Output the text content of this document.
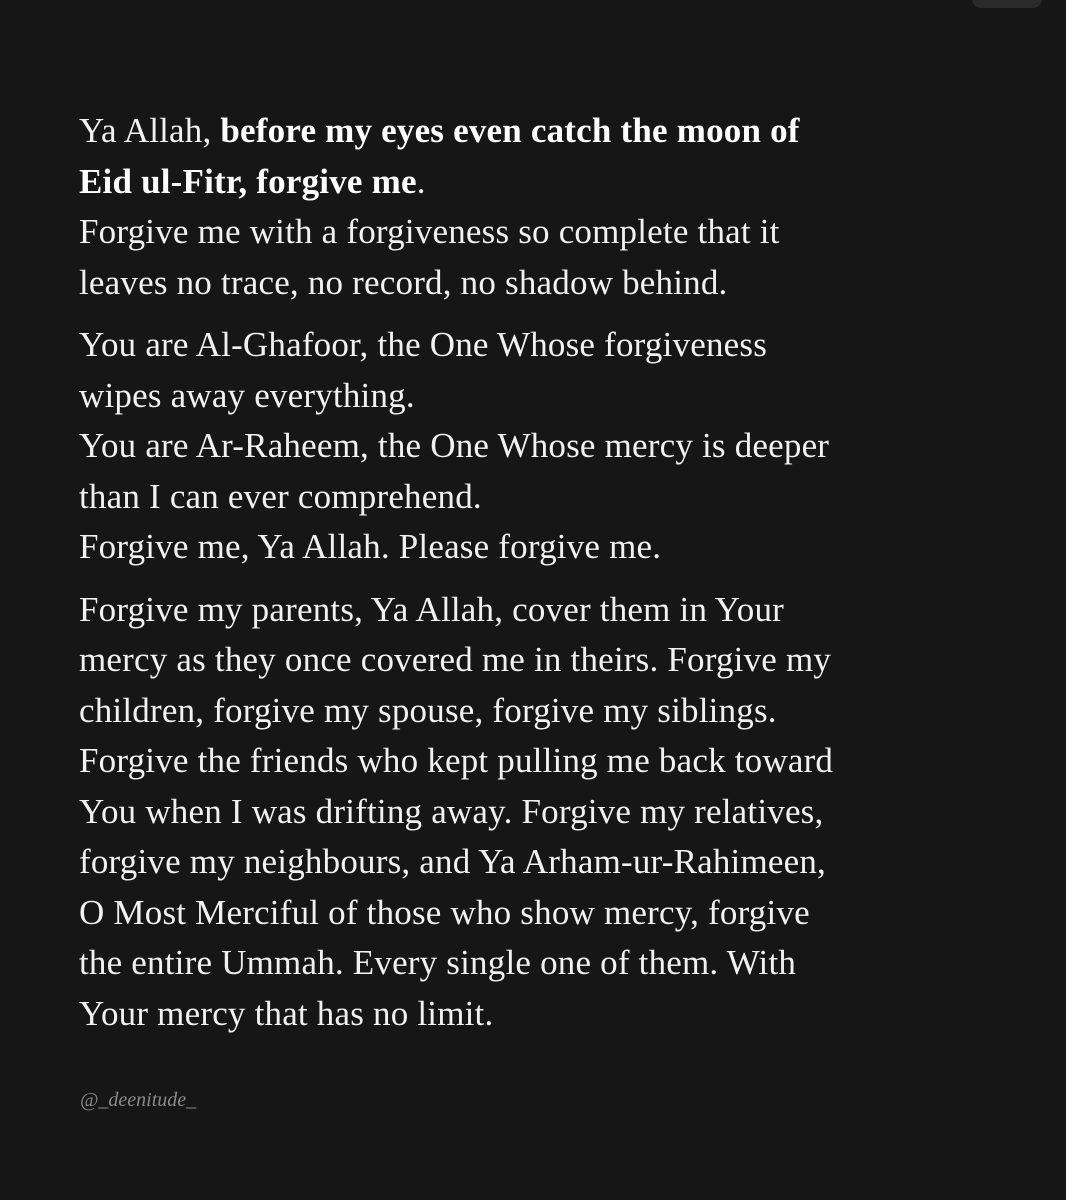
Ya Allah, before my eyes even catch the moon of
Eid ul-Fitr, forgive me.
Forgive me with a forgiveness so complete that it
leaves no trace, no record, no shadow behind.
You are Al-Ghafoor, the One Whose forgiveness
wipes away everything.
You are Ar-Raheem, the One Whose mercy is deeper
than I can ever comprehend.
Forgive me, Ya Allah. Please forgive me.
Forgive my parents, Ya Allah, cover them in Your
mercy as they once covered me in theirs. Forgive my
children, forgive my spouse, forgive my siblings.
Forgive the friends who kept pulling me back toward
You when I was drifting away. Forgive my relatives,
forgive my neighbours, and Ya Arham-ur-Rahimeen,
O Most Merciful of those who show mercy, forgive
the entire Ummah. Every single one of them. With
Your mercy that has no limit.
@_deenitude_
